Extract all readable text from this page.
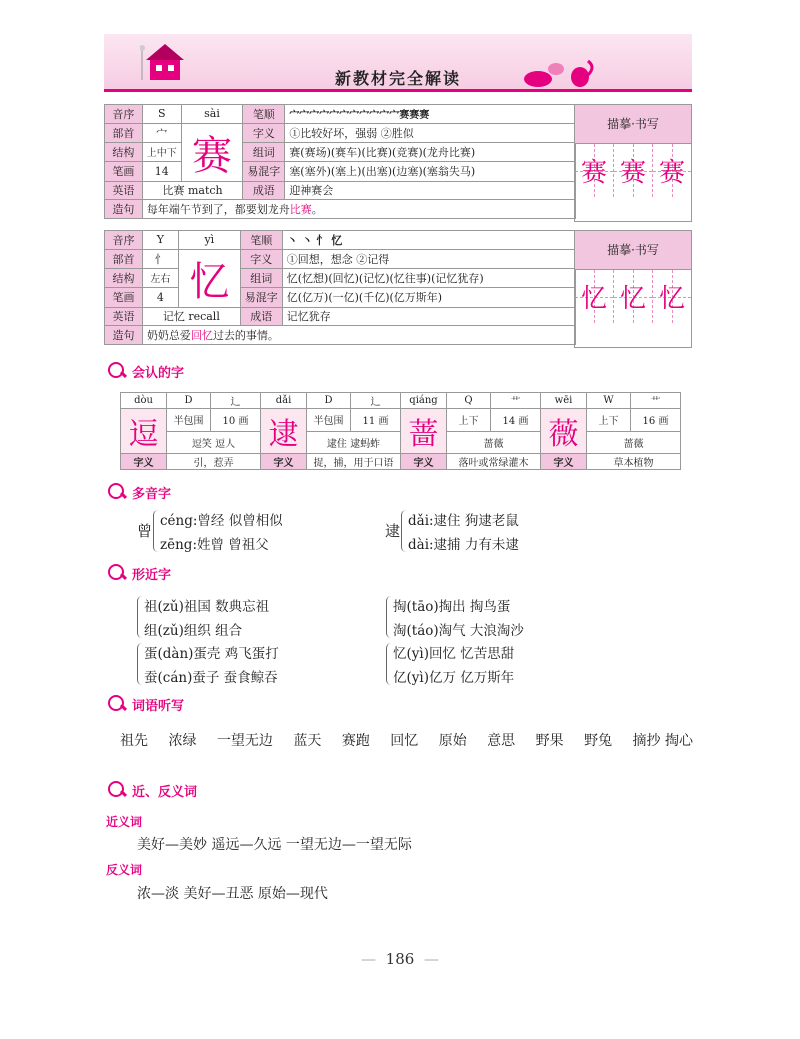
新教材完全解读
音序	S	sài	笔顺	宀宀宀宀宀宀宀宀宀宀宀赛赛赛
部首	宀	赛	字义	①比较好坏，强弱 ②胜似
结构	上中下		组词	赛(赛场)(赛车)(比赛)(竞赛)(龙舟比赛)
笔画	14		易混字	塞(塞外)(塞上)(出塞)(边塞)(塞翁失马)
英语	比赛 match		成语	迎神赛会
造句	每年端午节到了，都要划龙舟比赛。			
描摹·书写
赛 赛 赛
音序	Y	yì	笔顺	丶 丶 忄 忆
部首	忄	忆	字义	①回想，想念 ②记得
结构	左右		组词	忆(忆想)(回忆)(记忆)(忆往事)(记忆犹存)
笔画	4		易混字	亿(亿万)(一亿)(千亿)(亿万斯年)
英语	记忆 recall		成语	记忆犹存
造句	奶奶总爱回忆过去的事情。			
描摹·书写
忆 忆 忆
会认的字
dòu	D	辶	dǎi	D	辶	qiáng	Q	艹	wēi	W	艹
逗	半包围	10 画	逮	半包围	11 画	蔷	上下	14 画	薇	上下	16 画
	逗笑 逗人			逮住 逮蚂蚱			蔷薇			蔷薇	
字义	引，惹弄		字义	捉，捕，用于口语		字义	落叶或常绿灌木		字义	草本植物	
多音字
曾
céng:曾经 似曾相似
zēng:姓曾 曾祖父
逮
dǎi:逮住 狗逮老鼠
dài:逮捕 力有未逮
形近字
祖(zǔ)祖国 数典忘祖
组(zǔ)组织 组合
蛋(dàn)蛋壳 鸡飞蛋打
蚕(cán)蚕子 蚕食鲸吞
掏(tāo)掏出 掏鸟蛋
淘(táo)淘气 大浪淘沙
忆(yì)回忆 忆苦思甜
亿(yì)亿万 亿万斯年
词语听写
祖先 浓绿 一望无边 蓝天 赛跑 回忆 原始 意思 野果 野兔 摘抄 掏心
近、反义词
近义词
美好—美妙 遥远—久远 一望无边—一望无际
反义词
浓—淡 美好—丑恶 原始—现代
— 186 —
